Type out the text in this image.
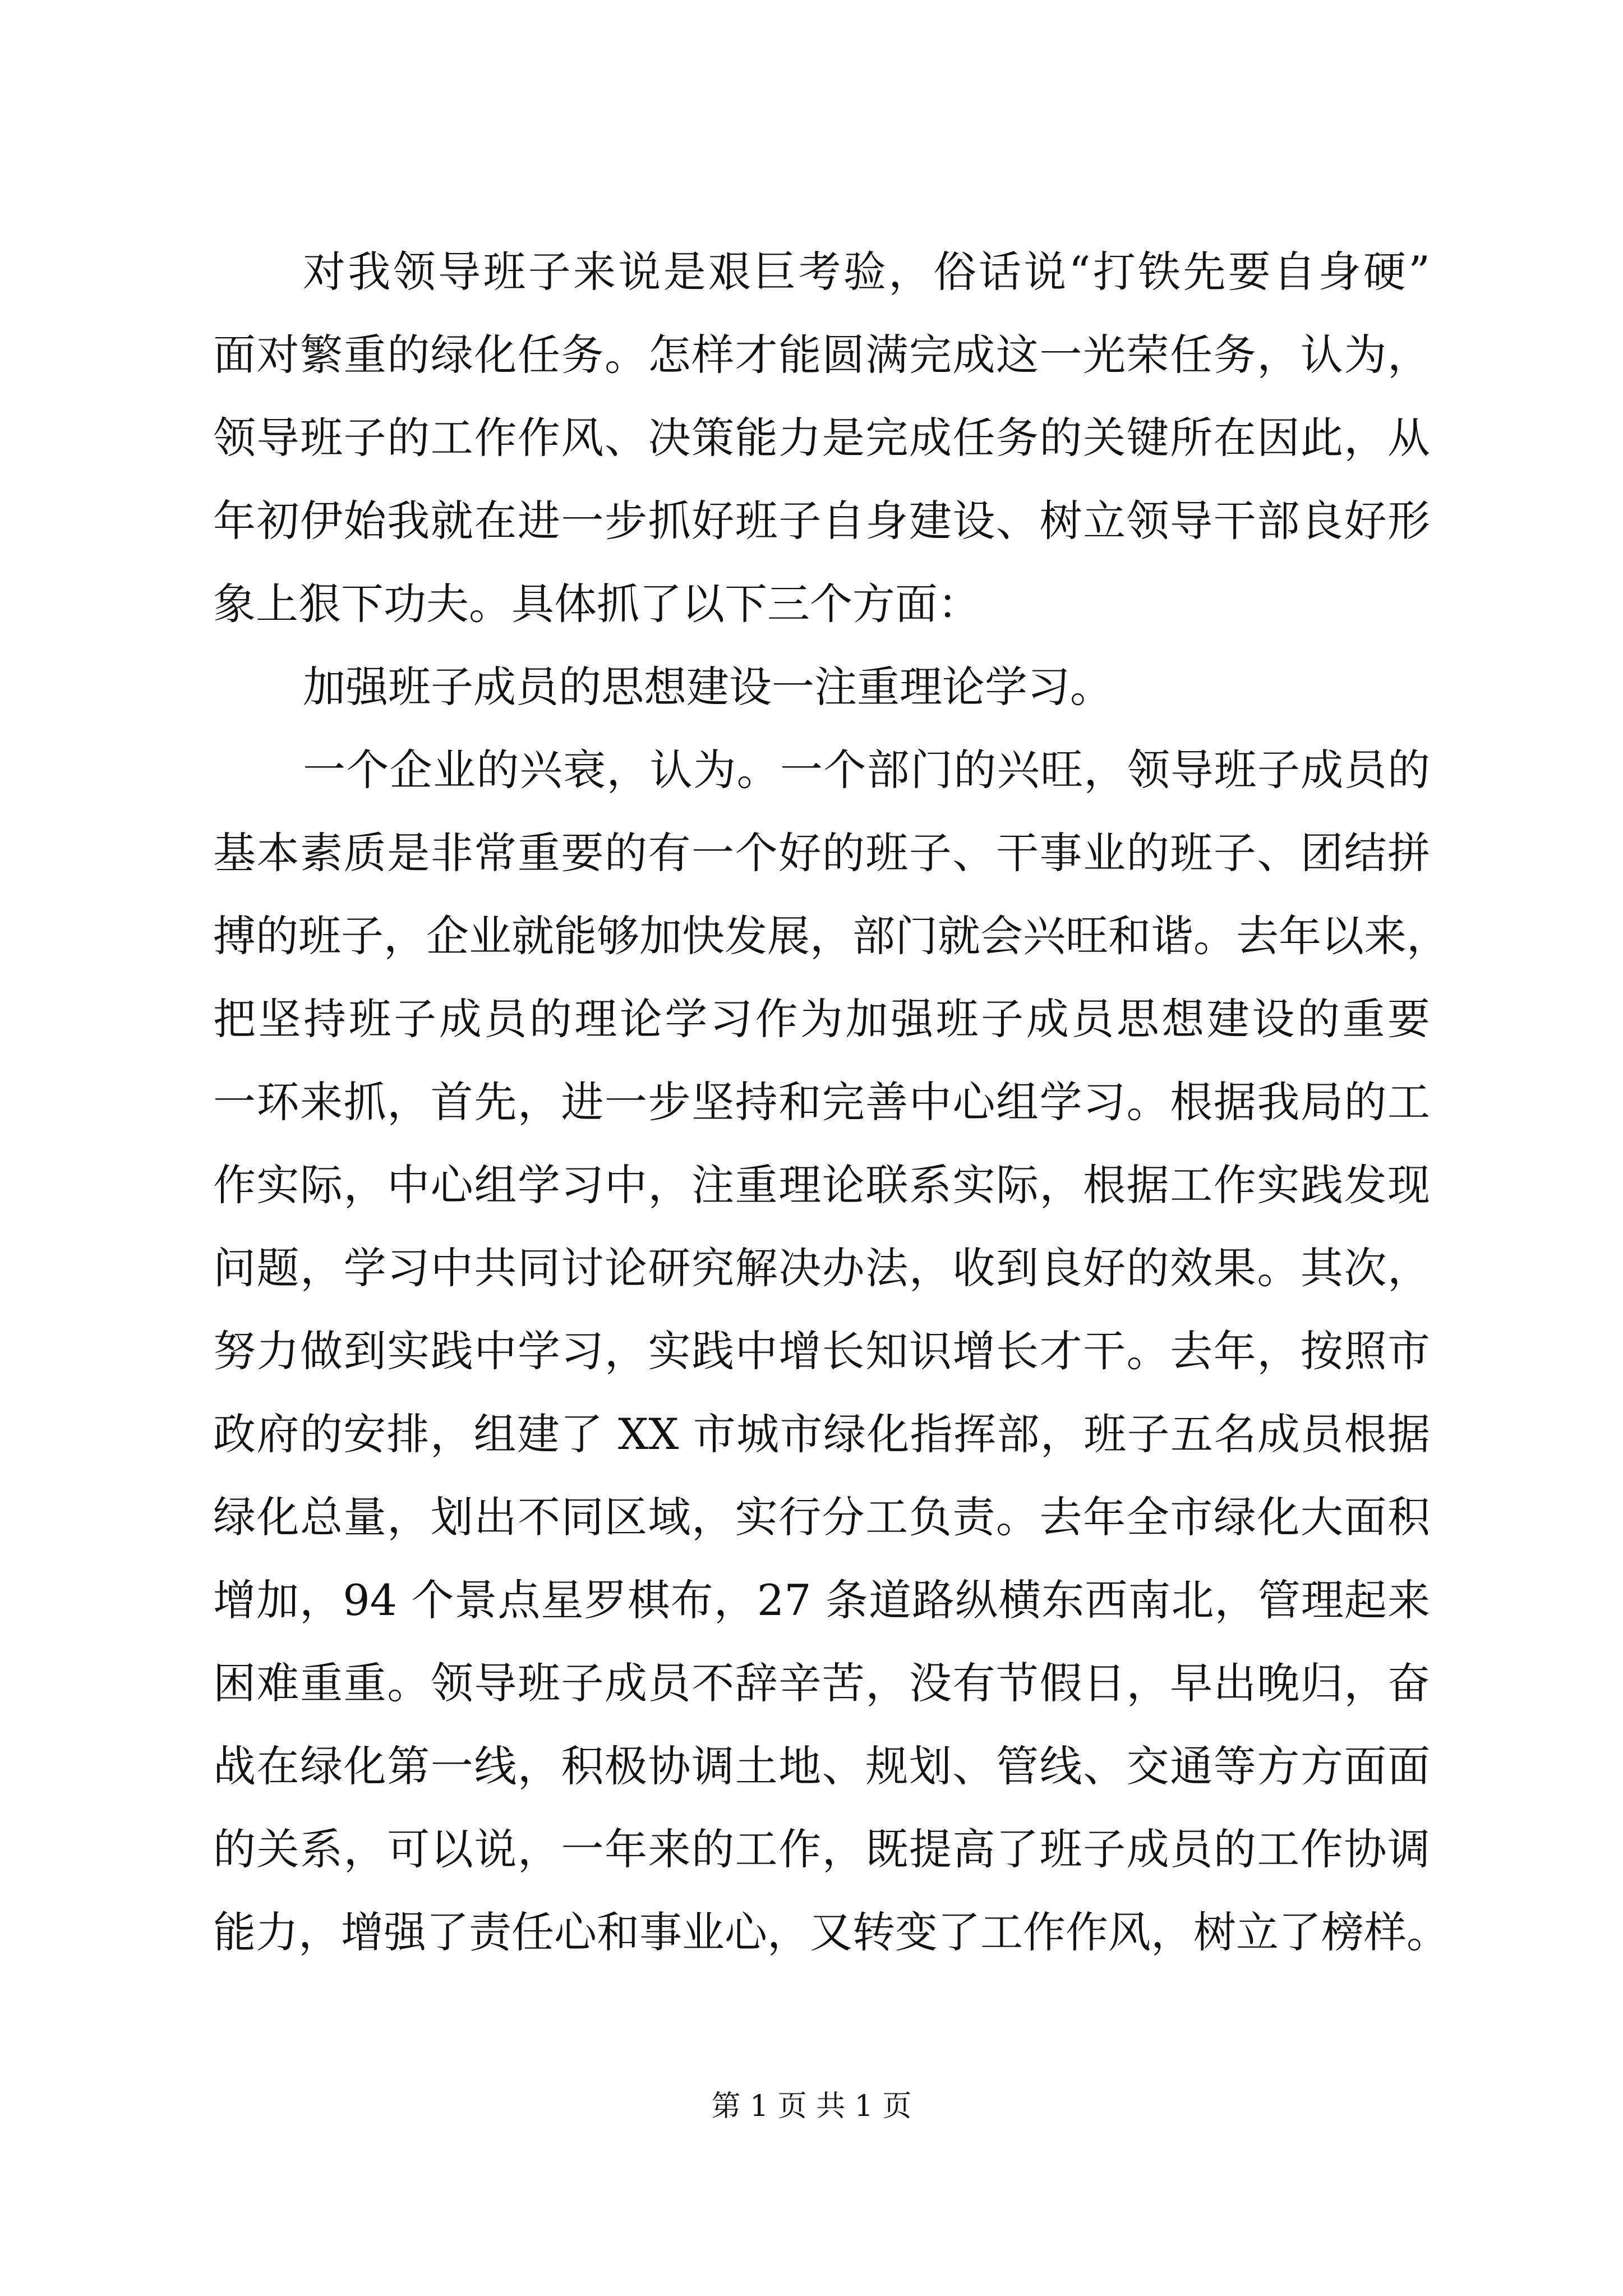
对我领导班子来说是艰巨考验，俗话说“打铁先要自身硬”
面对繁重的绿化任务。怎样才能圆满完成这一光荣任务，认为，
领导班子的工作作风、决策能力是完成任务的关键所在因此，从
年初伊始我就在进一步抓好班子自身建设、树立领导干部良好形
象上狠下功夫。具体抓了以下三个方面：
加强班子成员的思想建设一注重理论学习。
一个企业的兴衰，认为。一个部门的兴旺，领导班子成员的
基本素质是非常重要的有一个好的班子、干事业的班子、团结拼
搏的班子，企业就能够加快发展，部门就会兴旺和谐。去年以来，
把坚持班子成员的理论学习作为加强班子成员思想建设的重要
一环来抓，首先，进一步坚持和完善中心组学习。根据我局的工
作实际，中心组学习中，注重理论联系实际，根据工作实践发现
问题，学习中共同讨论研究解决办法，收到良好的效果。其次，
努力做到实践中学习，实践中增长知识增长才干。去年，按照市
政府的安排，组建了 XX 市城市绿化指挥部，班子五名成员根据
绿化总量，划出不同区域，实行分工负责。去年全市绿化大面积
增加，94 个景点星罗棋布，27 条道路纵横东西南北，管理起来
困难重重。领导班子成员不辞辛苦，没有节假日，早出晚归，奋
战在绿化第一线，积极协调土地、规划、管线、交通等方方面面
的关系，可以说，一年来的工作，既提高了班子成员的工作协调
能力，增强了责任心和事业心，又转变了工作作风，树立了榜样。
第 1 页 共 1 页
